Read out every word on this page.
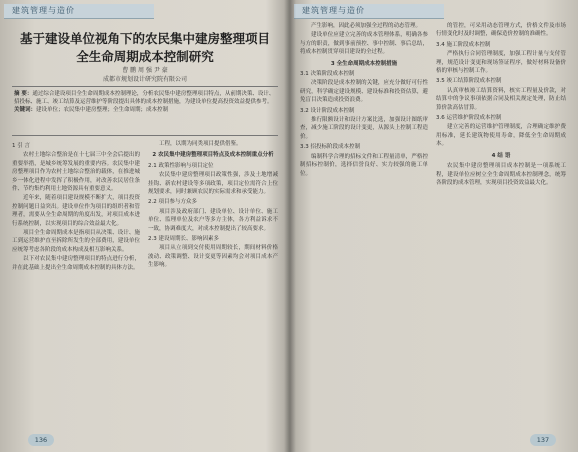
建筑管理与造价
基于建设单位视角下的农民集中建房整理项目
全生命周期成本控制研究
曹 鹏 周 强 尹 豪
成都市规划设计研究院有限公司
摘 要：通过综合建设项目全生命周期成本控制理论，分析农民集中建房整理项目特点，从前期决策、设计、招投标、施工、竣工结算及运营维护等阶段提出具体的成本控制措施，为建设单位提高投资效益提供参考。
关键词：建设单位；农民集中建房整理；全生命周期；成本控制

1 引 言

农村土地综合整治是在十七届三中全会后提出的重要举措，是城乡统筹发展的重要内容。农民集中建房整理项目作为农村土地综合整治的载体，在推进城乡一体化进程中发挥了积极作用，对改善农民居住条件、节约集约利用土地资源具有重要意义。

近年来，随着项目建设规模不断扩大，项目投资控制问题日益突出。建设单位作为项目的组织者和管理者，需要从全生命周期的角度出发，对项目成本进行系统控制，以实现项目的综合效益最大化。

项目全生命周期成本是指项目从决策、设计、施工到运营维护直至拆除所发生的全部费用，建设单位应统筹考虑各阶段的成本构成及相互影响关系。

以下对农民集中建房整理项目的特点进行分析，并在此基础上提出全生命周期成本控制的具体方法。

工程，以期为同类项目提供借鉴。

2 农民集中建房整理项目特点及成本控制重点分析

2.1 政策性影响与项目定位

农民集中建房整理项目政策性强，涉及土地增减挂钩、新农村建设等多项政策，项目定位需符合上位规划要求，同时兼顾农民的实际需求和承受能力。

2.2 项目参与方众多

项目涉及政府部门、建设单位、设计单位、施工单位、监理单位及农户等多方主体，各方利益诉求不一致，协调难度大，对成本控制提出了较高要求。

2.3 建设周期长、影响因素多

项目从立项到交付使用周期较长，期间材料价格波动、政策调整、设计变更等因素均会对项目成本产生影响。

136
建筑管理与造价

产生影响，因此必须加强全过程的动态管理。

建设单位应建立完善的成本管理体系，明确各参与方的职责，做到事前预控、事中控制、事后总结，将成本控制贯穿项目建设的全过程。

3 全生命周期成本控制措施

3.1 决策阶段成本控制

决策阶段是成本控制的关键，应充分做好可行性研究，科学确定建设规模、建设标准和投资估算，避免盲目决策造成投资浪费。

3.2 设计阶段成本控制

推行限额设计和设计方案比选，加强设计图纸审查，减少施工阶段的设计变更，从源头上控制工程造价。

3.3 招投标阶段成本控制

编制科学合理的招标文件和工程量清单，严格控制招标控制价，选择信誉良好、实力较强的施工单位。

的管控，可采用动态管理方式，价格文件及市场行情变化时及时调整，确保造价控制的准确性。

3.4 施工阶段成本控制

严格执行合同管理制度，加强工程计量与支付管理，规范设计变更和现场签证程序，做好材料设备价格的审核与控制工作。

3.5 竣工结算阶段成本控制

认真审核竣工结算资料，核实工程量及价款，对结算中的争议事项依据合同及相关规定处理，防止结算价款高估冒算。

3.6 运营维护阶段成本控制

建立完善的运营维护管理制度，合理确定维护费用标准，延长建筑物使用寿命，降低全生命周期成本。

4 结 语

农民集中建房整理项目成本控制是一项系统工程，建设单位应树立全生命周期成本控制理念，统筹各阶段的成本管理，实现项目投资效益最大化。

137
